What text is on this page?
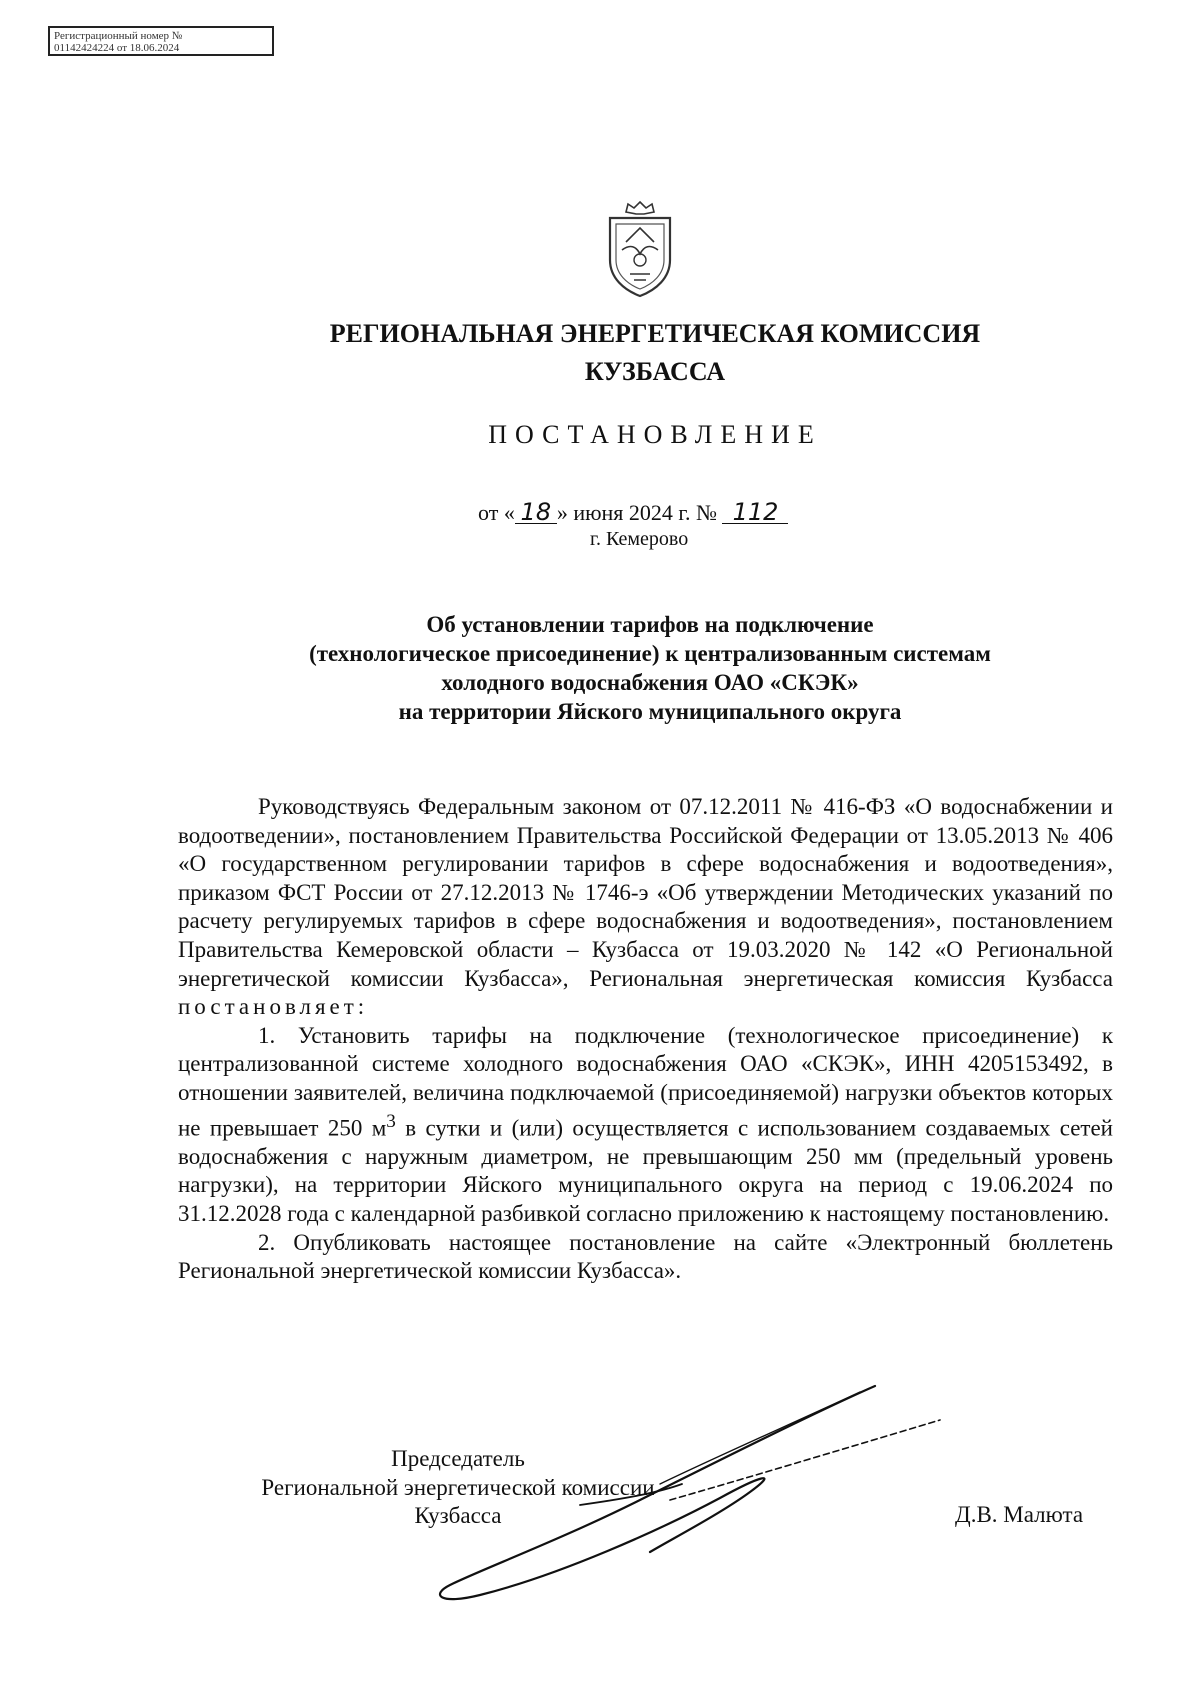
Регистрационный номер №
01142424224 от 18.06.2024
РЕГИОНАЛЬНАЯ ЭНЕРГЕТИЧЕСКАЯ КОМИССИЯ
КУЗБАССА
ПОСТАНОВЛЕНИЕ
от « 18 » июня 2024 г. № 112
г. Кемерово
Об установлении тарифов на подключение
(технологическое присоединение) к централизованным системам
холодного водоснабжения ОАО «СКЭК»
на территории Яйского муниципального округа

Руководствуясь Федеральным законом от 07.12.2011 № 416-ФЗ «О водоснабжении и водоотведении», постановлением Правительства Российской Федерации от 13.05.2013 № 406 «О государственном регулировании тарифов в сфере водоснабжения и водоотведения», приказом ФСТ России от 27.12.2013 № 1746-э «Об утверждении Методических указаний по расчету регулируемых тарифов в сфере водоснабжения и водоотведения», постановлением Правительства Кемеровской области – Кузбасса от 19.03.2020 № 142 «О Региональной энергетической комиссии Кузбасса», Региональная энергетическая комиссия Кузбасса постановляет:

1. Установить тарифы на подключение (технологическое присоединение) к централизованной системе холодного водоснабжения ОАО «СКЭК», ИНН 4205153492, в отношении заявителей, величина подключаемой (присоединяемой) нагрузки объектов которых не превышает 250 $м^3$ в сутки и (или) осуществляется с использованием создаваемых сетей водоснабжения с наружным диаметром, не превышающим 250 мм (предельный уровень нагрузки), на территории Яйского муниципального округа на период с 19.06.2024 по 31.12.2028 года с календарной разбивкой согласно приложению к настоящему постановлению.

2. Опубликовать настоящее постановление на сайте «Электронный бюллетень Региональной энергетической комиссии Кузбасса».

Председатель
Региональной энергетической комиссии
Кузбасса	Д.В. Малюта
